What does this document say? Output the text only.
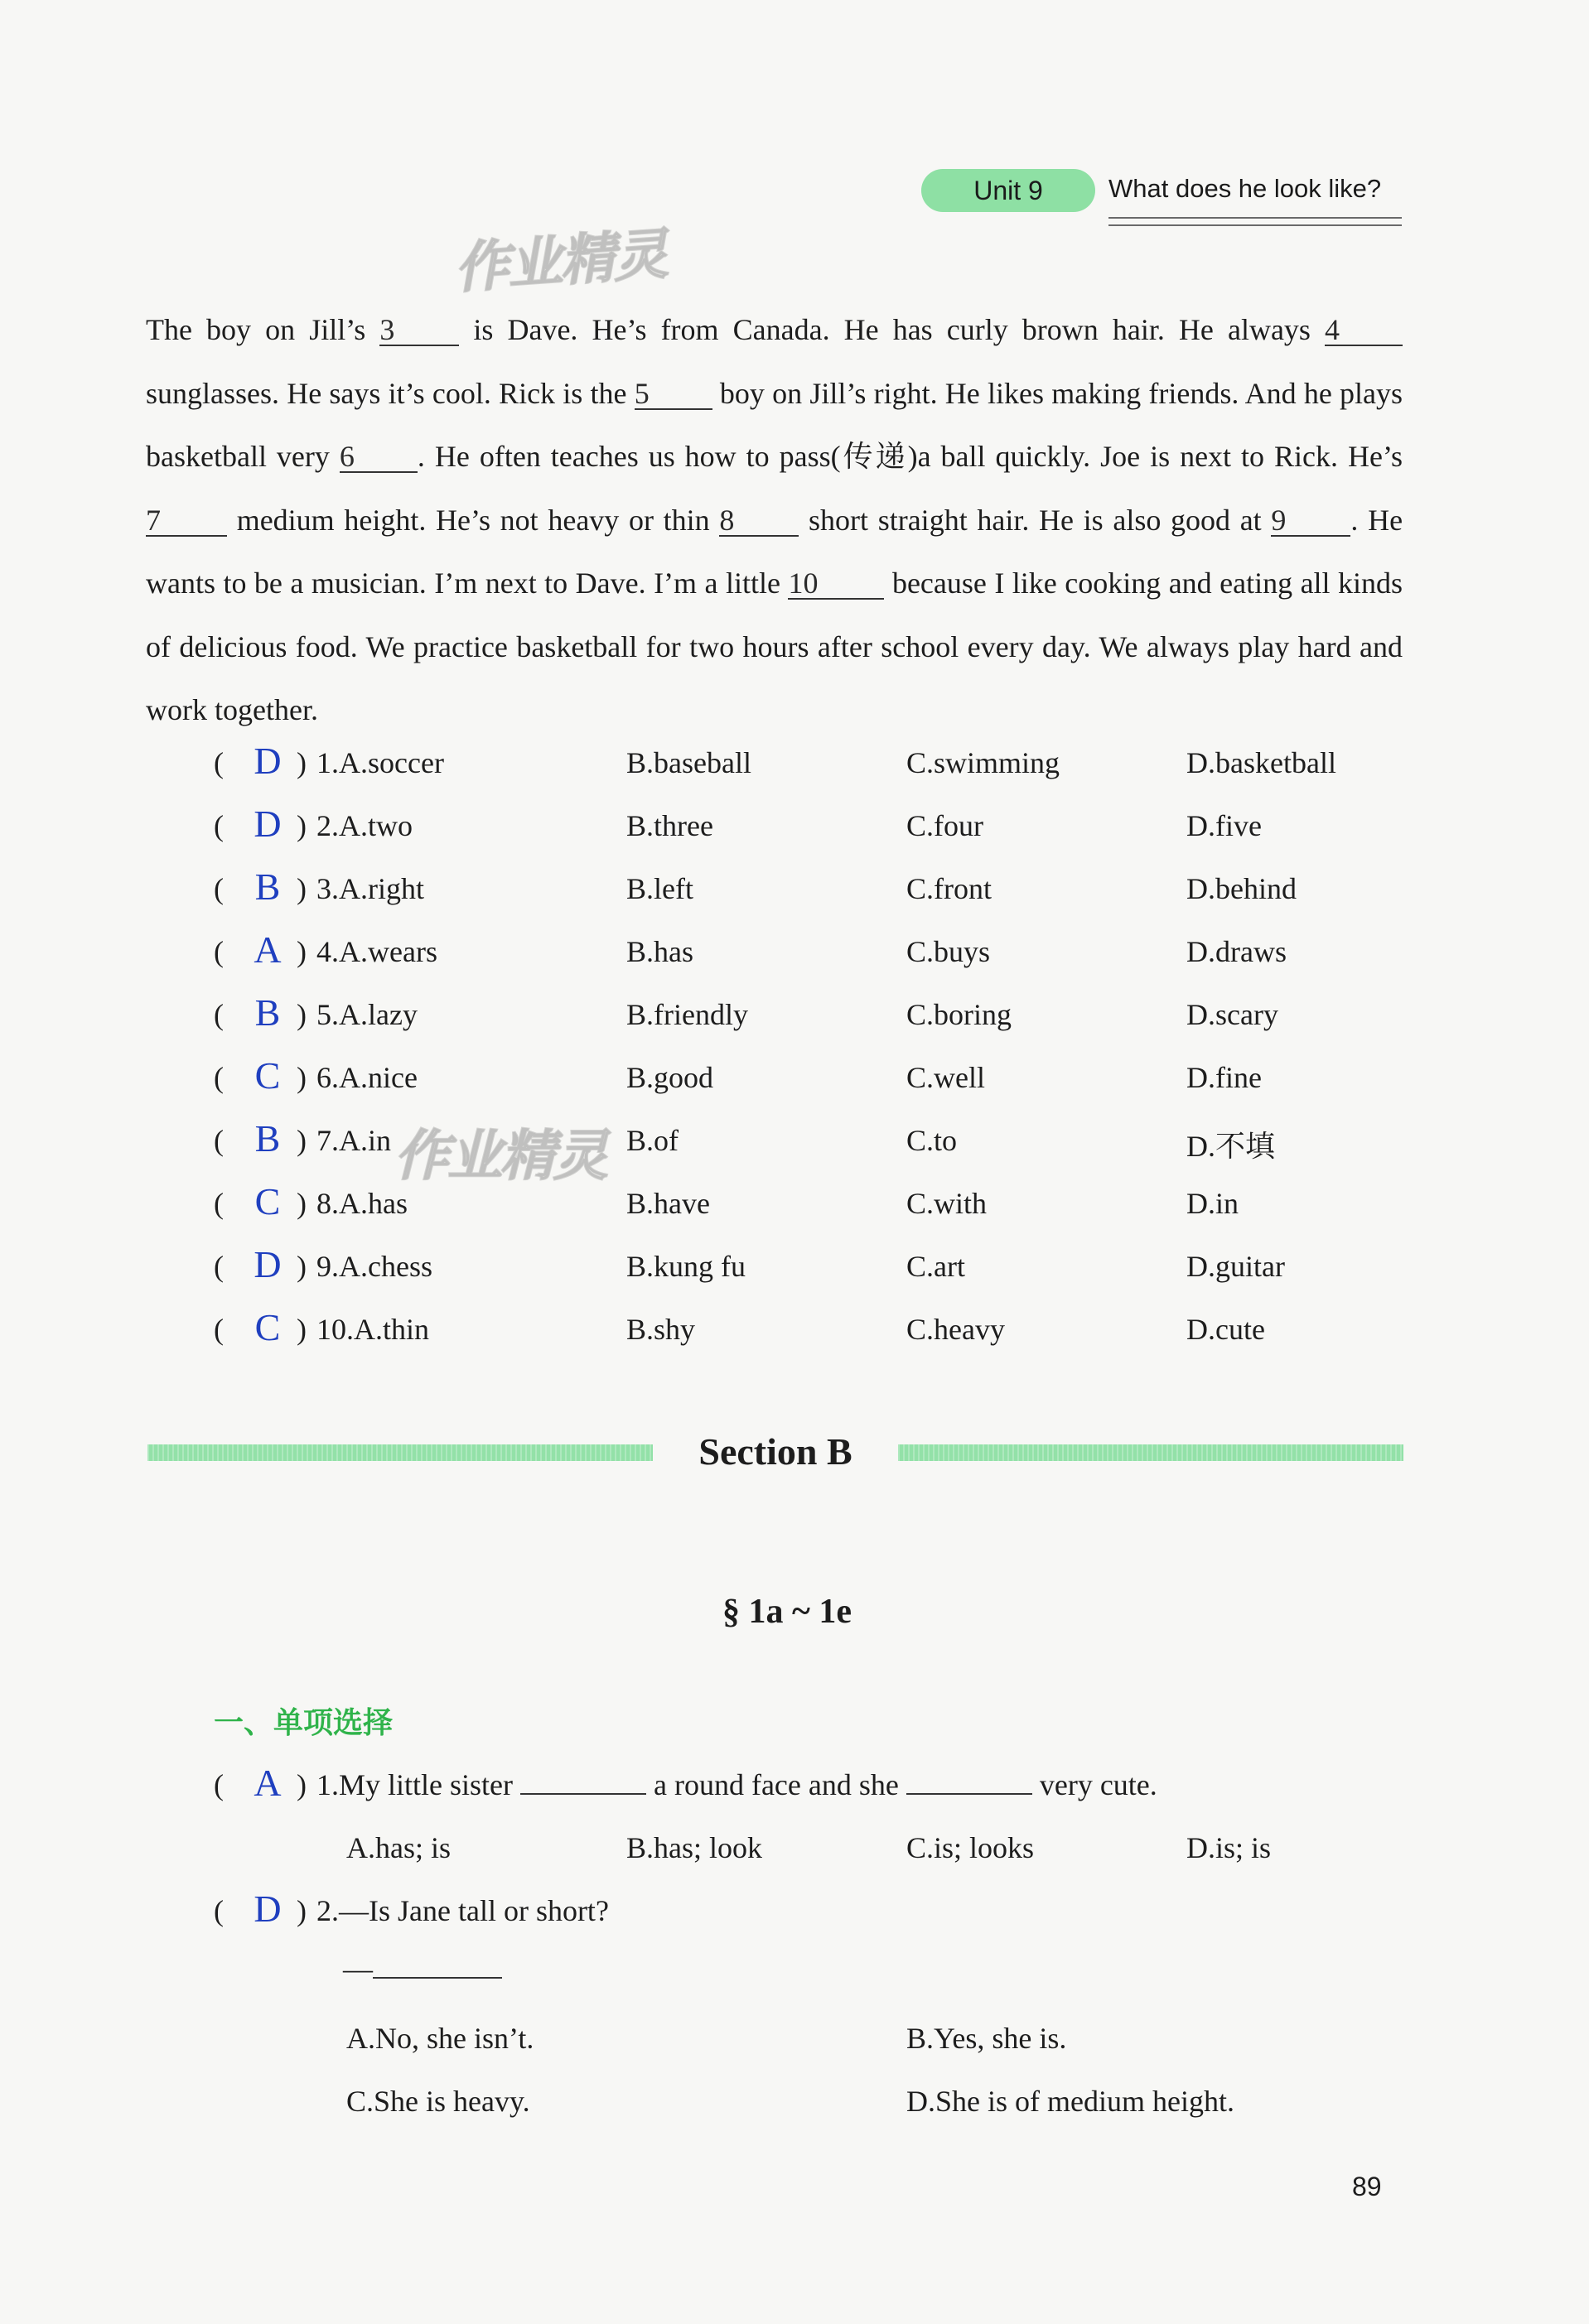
Unit 9	What does he look like?
作业精灵
作业精灵
The boy on Jill’s 3	is Dave. He’s from Canada. He has curly brown hair. He always 4 sunglasses. He says it’s cool. Rick is the 5 boy on Jill’s right. He likes making friends. And he plays basketball very 6 . He often teaches us how to pass(传递)a ball quickly. Joe is next to Rick. He’s 7	medium height. He’s not heavy or thin 8 short straight hair. He is also good at 9 . He wants to be a musician. I’m next to Dave. I’m a little 10 because I like cooking and eating all kinds of delicious food. We practice basketball for two hours after school every day. We always play hard and work together.
( D ) 1.A.soccer	B.baseball	C.swimming	D.basketball
( D ) 2.A.two	B.three	C.four	D.five
( B ) 3.A.right	B.left	C.front	D.behind
( A ) 4.A.wears	B.has	C.buys	D.draws
( B ) 5.A.lazy	B.friendly	C.boring	D.scary
( C ) 6.A.nice	B.good	C.well	D.fine
( B ) 7.A.in	B.of	C.to	D.不填
( C ) 8.A.has	B.have	C.with	D.in
( D ) 9.A.chess	B.kung fu	C.art	D.guitar
( C ) 10.A.thin	B.shy	C.heavy	D.cute
Section B
§ 1a ~ 1e
一、单项选择
( A ) 1.My little sister	a round face and she	very cute.
A.has; is	B.has; look	C.is; looks	D.is; is
( D ) 2.—Is Jane tall or short?
—
A.No, she isn’t.	B.Yes, she is.
C.She is heavy.	D.She is of medium height.
89
